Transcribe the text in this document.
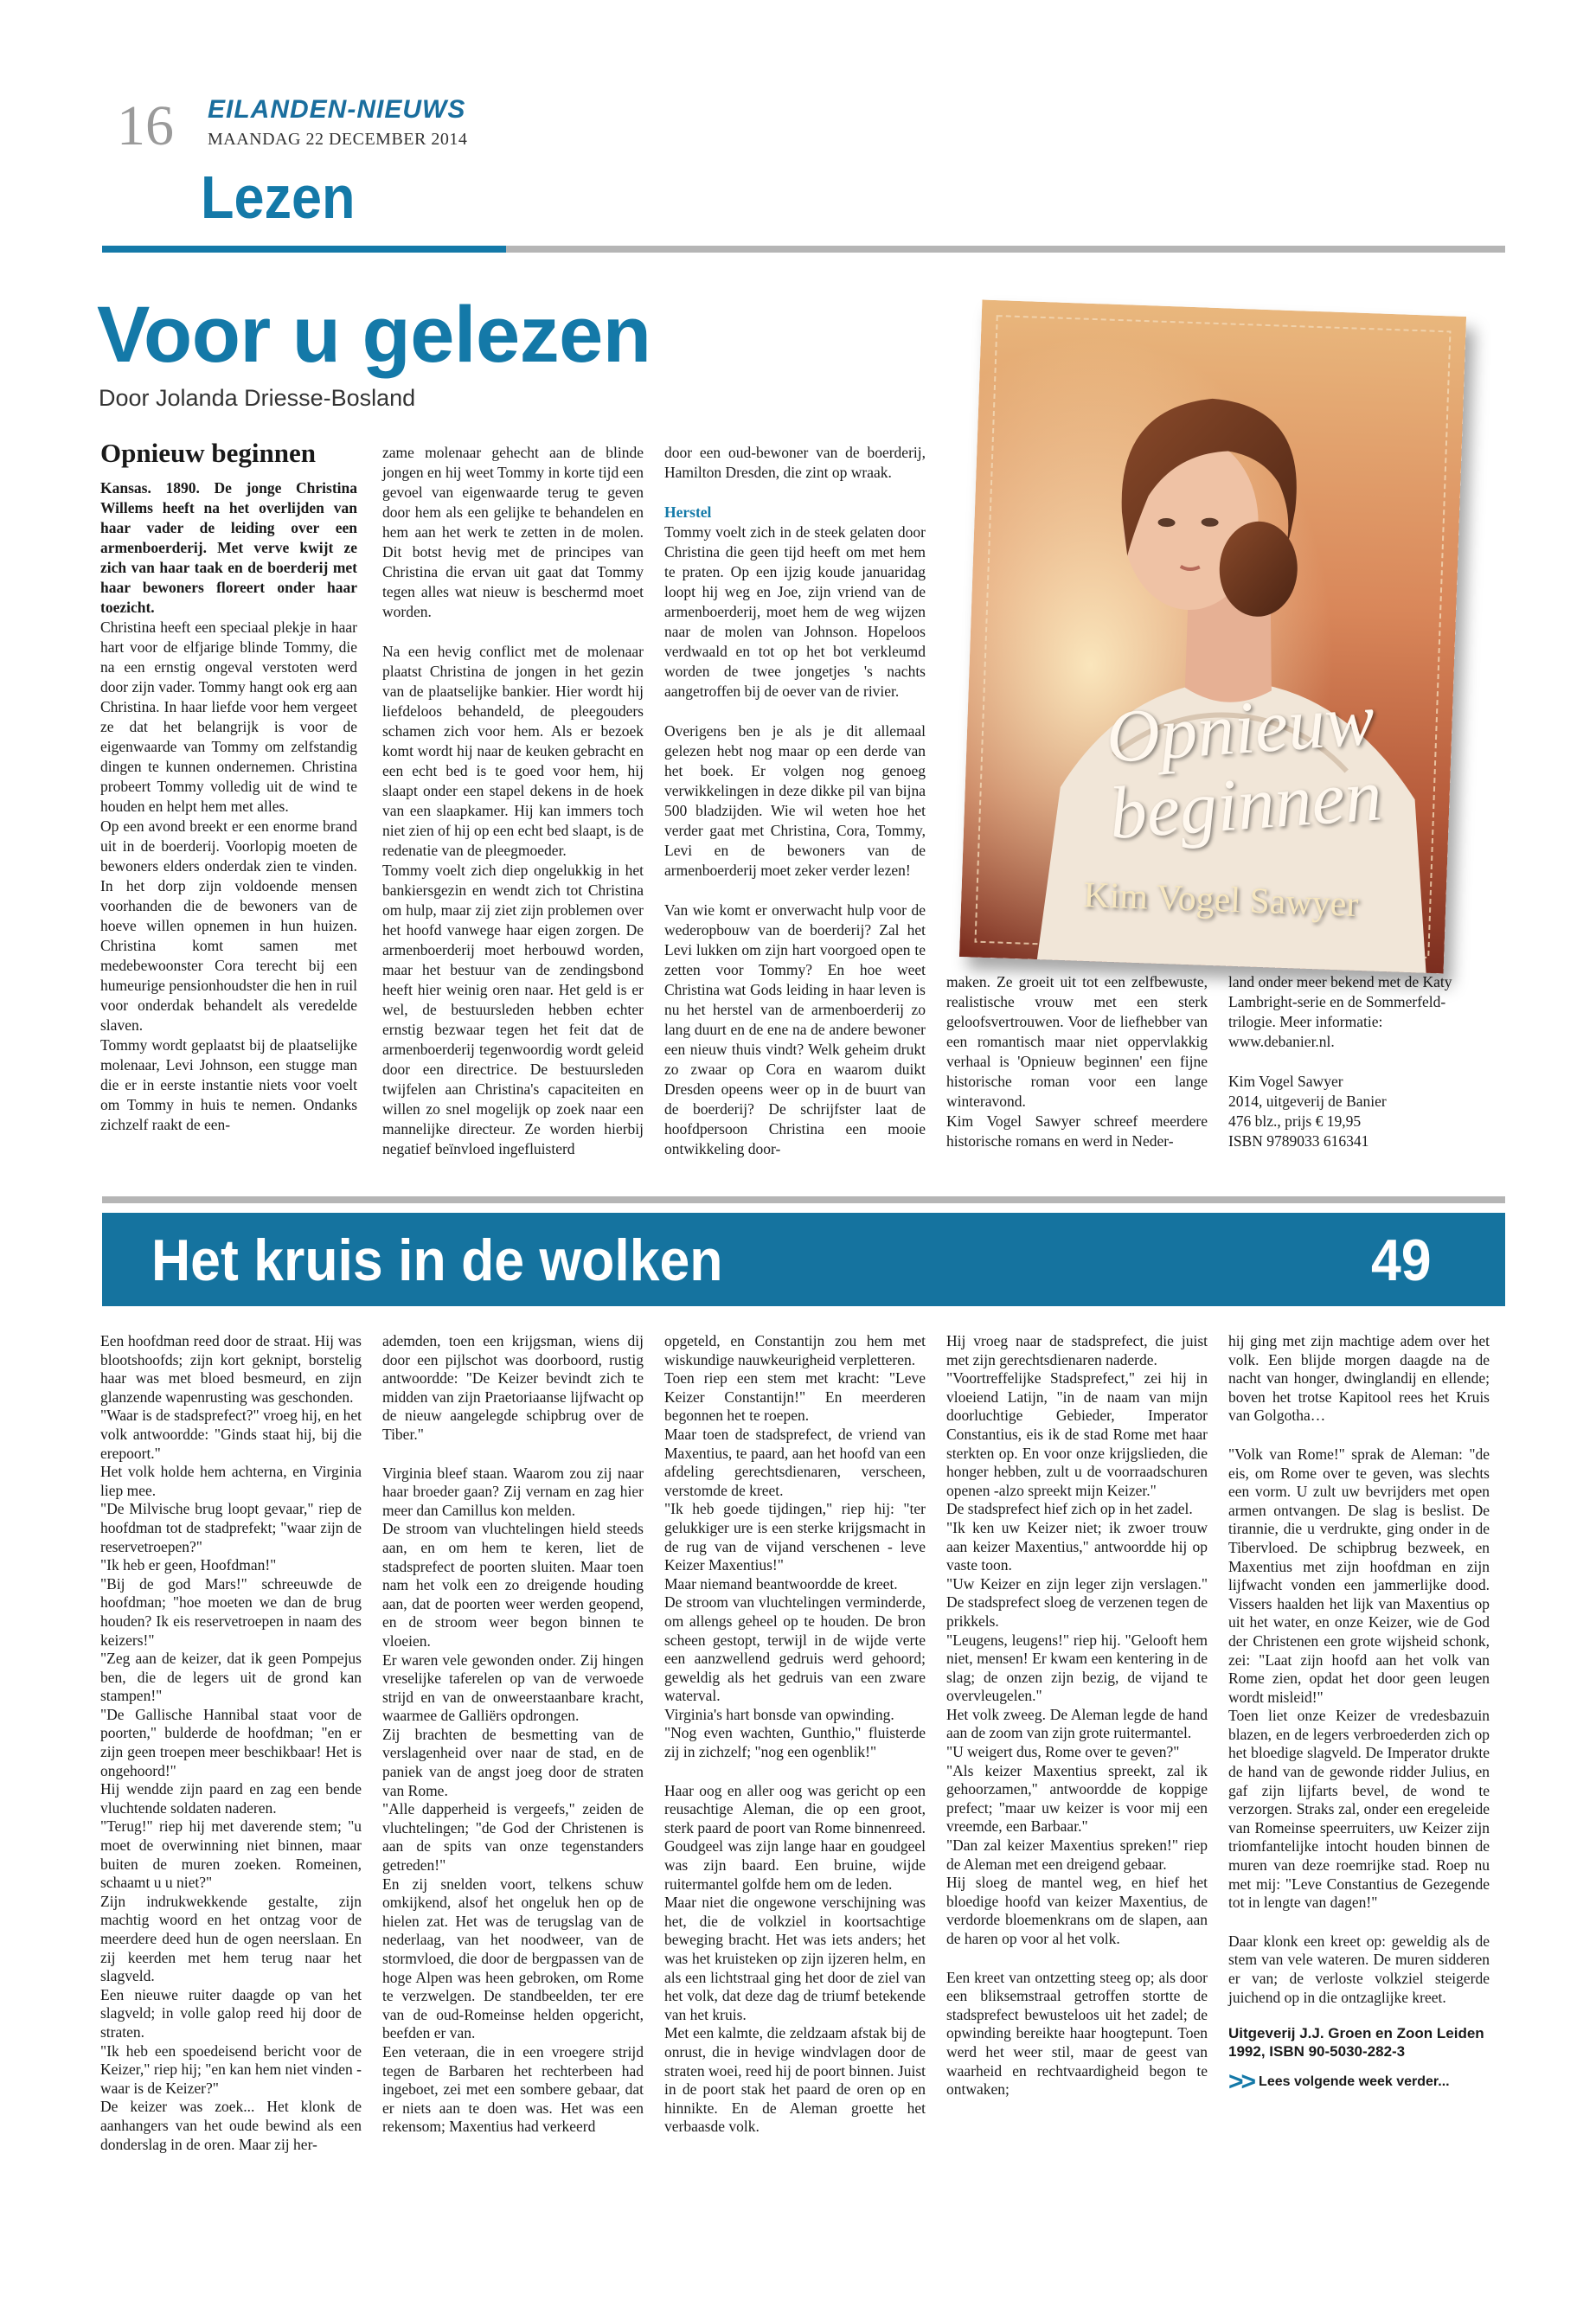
16 EILANDEN-NIEUWS
MAANDAG 22 DECEMBER 2014
Lezen
Voor u gelezen
Door Jolanda Driesse-Bosland
Opnieuw beginnen

Kansas. 1890. De jonge Christina Willems heeft na het overlijden van haar vader de leiding over een armenboerderij. Met verve kwijt ze zich van haar taak en de boerderij met haar bewoners floreert onder haar toezicht.

Christina heeft een speciaal plekje in haar hart voor de elfjarige blinde Tommy, die na een ernstig ongeval verstoten werd door zijn vader. Tommy hangt ook erg aan Christina. In haar liefde voor hem vergeet ze dat het belangrijk is voor de eigenwaarde van Tommy om zelfstandig dingen te kunnen ondernemen. Christina probeert Tommy volledig uit de wind te houden en helpt hem met alles.

Op een avond breekt er een enorme brand uit in de boerderij. Voorlopig moeten de bewoners elders onderdak zien te vinden. In het dorp zijn voldoende mensen voorhanden die de bewoners van de hoeve willen opnemen in hun huizen. Christina komt samen met medebewoonster Cora terecht bij een humeurige pensionhoudster die hen in ruil voor onderdak behandelt als veredelde slaven.

Tommy wordt geplaatst bij de plaatselijke molenaar, Levi Johnson, een stugge man die er in eerste instantie niets voor voelt om Tommy in huis te nemen. Ondanks zichzelf raakt de een-

zame molenaar gehecht aan de blinde jongen en hij weet Tommy in korte tijd een gevoel van eigenwaarde terug te geven door hem als een gelijke te behandelen en hem aan het werk te zetten in de molen. Dit botst hevig met de principes van Christina die ervan uit gaat dat Tommy tegen alles wat nieuw is beschermd moet worden.

Na een hevig conflict met de molenaar plaatst Christina de jongen in het gezin van de plaatselijke bankier. Hier wordt hij liefdeloos behandeld, de pleegouders schamen zich voor hem. Als er bezoek komt wordt hij naar de keuken gebracht en een echt bed is te goed voor hem, hij slaapt onder een stapel dekens in de hoek van een slaapkamer. Hij kan immers toch niet zien of hij op een echt bed slaapt, is de redenatie van de pleegmoeder.

Tommy voelt zich diep ongelukkig in het bankiersgezin en wendt zich tot Christina om hulp, maar zij ziet zijn problemen over het hoofd vanwege haar eigen zorgen. De armenboerderij moet herbouwd worden, maar het bestuur van de zendingsbond heeft hier weinig oren naar. Het geld is er wel, de bestuursleden hebben echter ernstig bezwaar tegen het feit dat de armenboerderij tegenwoordig wordt geleid door een directrice. De bestuursleden twijfelen aan Christina's capaciteiten en willen zo snel mogelijk op zoek naar een mannelijke directeur. Ze worden hierbij negatief beïnvloed ingefluisterd

door een oud-bewoner van de boerderij, Hamilton Dresden, die zint op wraak.

Herstel

Tommy voelt zich in de steek gelaten door Christina die geen tijd heeft om met hem te praten. Op een ijzig koude januaridag loopt hij weg en Joe, zijn vriend van de armenboerderij, moet hem de weg wijzen naar de molen van Johnson. Hopeloos verdwaald en tot op het bot verkleumd worden de twee jongetjes 's nachts aangetroffen bij de oever van de rivier.

Overigens ben je als je dit allemaal gelezen hebt nog maar op een derde van het boek. Er volgen nog genoeg verwikkelingen in deze dikke pil van bijna 500 bladzijden. Wie wil weten hoe het verder gaat met Christina, Cora, Tommy, Levi en de bewoners van de armenboerderij moet zeker verder lezen!

Van wie komt er onverwacht hulp voor de wederopbouw van de boerderij? Zal het Levi lukken om zijn hart voorgoed open te zetten voor Tommy? En hoe weet Christina wat Gods leiding in haar leven is nu het herstel van de armenboerderij zo lang duurt en de ene na de andere bewoner een nieuw thuis vindt? Welk geheim drukt zo zwaar op Cora en waarom duikt Dresden opeens weer op in de buurt van de boerderij? De schrijfster laat de hoofdpersoon Christina een mooie ontwikkeling door-

maken. Ze groeit uit tot een zelfbewuste, realistische vrouw met een sterk geloofsvertrouwen. Voor de liefhebber van een romantisch maar niet oppervlakkig verhaal is 'Opnieuw beginnen' een fijne historische roman voor een lange winteravond.

Kim Vogel Sawyer schreef meerdere historische romans en werd in Neder-

land onder meer bekend met de Katy Lambright-serie en de Sommerfeld-trilogie. Meer informatie: www.debanier.nl.

Kim Vogel Sawyer

2014, uitgeverij de Banier

476 blz., prijs € 19,95

ISBN 9789033 616341

Opnieuw
beginnen
Kim Vogel Sawyer
Het kruis in de wolken	49

Een hoofdman reed door de straat. Hij was blootshoofds; zijn kort geknipt, borstelig haar was met bloed besmeurd, en zijn glanzende wapenrusting was geschonden.

"Waar is de stadsprefect?" vroeg hij, en het volk antwoordde: "Ginds staat hij, bij die erepoort."

Het volk holde hem achterna, en Virginia liep mee.

"De Milvische brug loopt gevaar," riep de hoofdman tot de stadprefekt; "waar zijn de reservetroepen?"

"Ik heb er geen, Hoofdman!"

"Bij de god Mars!" schreeuwde de hoofdman; "hoe moeten we dan de brug houden? Ik eis reservetroepen in naam des keizers!"

"Zeg aan de keizer, dat ik geen Pompejus ben, die de legers uit de grond kan stampen!"

"De Gallische Hannibal staat voor de poorten," bulderde de hoofdman; "en er zijn geen troepen meer beschikbaar! Het is ongehoord!"

Hij wendde zijn paard en zag een bende vluchtende soldaten naderen.

"Terug!" riep hij met daverende stem; "u moet de overwinning niet binnen, maar buiten de muren zoeken. Romeinen, schaamt u u niet?"

Zijn indrukwekkende gestalte, zijn machtig woord en het ontzag voor de meerdere deed hun de ogen neerslaan. En zij keerden met hem terug naar het slagveld.

Een nieuwe ruiter daagde op van het slagveld; in volle galop reed hij door de straten.

"Ik heb een spoedeisend bericht voor de Keizer," riep hij; "en kan hem niet vinden - waar is de Keizer?"

De keizer was zoek... Het klonk de aanhangers van het oude bewind als een donderslag in de oren. Maar zij her-

ademden, toen een krijgsman, wiens dij door een pijlschot was doorboord, rustig antwoordde: "De Keizer bevindt zich te midden van zijn Praetoriaanse lijfwacht op de nieuw aangelegde schipbrug over de Tiber."

Virginia bleef staan. Waarom zou zij naar haar broeder gaan? Zij vernam en zag hier meer dan Camillus kon melden.

De stroom van vluchtelingen hield steeds aan, en om hem te keren, liet de stadsprefect de poorten sluiten. Maar toen nam het volk een zo dreigende houding aan, dat de poorten weer werden geopend, en de stroom weer begon binnen te vloeien.

Er waren vele gewonden onder. Zij hingen vreselijke taferelen op van de verwoede strijd en van de onweerstaanbare kracht, waarmee de Galliërs opdrongen.

Zij brachten de besmetting van de verslagenheid over naar de stad, en de paniek van de angst joeg door de straten van Rome.

"Alle dapperheid is vergeefs," zeiden de vluchtelingen; "de God der Christenen is aan de spits van onze tegenstanders getreden!"

En zij snelden voort, telkens schuw omkijkend, alsof het ongeluk hen op de hielen zat. Het was de terugslag van de nederlaag, van het noodweer, van de stormvloed, die door de bergpassen van de hoge Alpen was heen gebroken, om Rome te verzwelgen. De standbeelden, ter ere van de oud-Romeinse helden opgericht, beefden er van.

Een veteraan, die in een vroegere strijd tegen de Barbaren het rechterbeen had ingeboet, zei met een sombere gebaar, dat er niets aan te doen was. Het was een rekensom; Maxentius had verkeerd

opgeteld, en Constantijn zou hem met wiskundige nauwkeurigheid verpletteren.

Toen riep een stem met kracht: "Leve Keizer Constantijn!" En meerderen begonnen het te roepen.

Maar toen de stadsprefect, de vriend van Maxentius, te paard, aan het hoofd van een afdeling gerechtsdienaren, verscheen, verstomde de kreet.

"Ik heb goede tijdingen," riep hij: "ter gelukkiger ure is een sterke krijgsmacht in de rug van de vijand verschenen - leve Keizer Maxentius!"

Maar niemand beantwoordde de kreet.

De stroom van vluchtelingen verminderde, om allengs geheel op te houden. De bron scheen gestopt, terwijl in de wijde verte een aanzwellend gedruis werd gehoord; geweldig als het gedruis van een zware waterval.

Virginia's hart bonsde van opwinding.

"Nog even wachten, Gunthio," fluisterde zij in zichzelf; "nog een ogenblik!"

Haar oog en aller oog was gericht op een reusachtige Aleman, die op een groot, sterk paard de poort van Rome binnenreed. Goudgeel was zijn lange haar en goudgeel was zijn baard. Een bruine, wijde ruitermantel golfde hem om de leden.

Maar niet die ongewone verschijning was het, die de volkziel in koortsachtige beweging bracht. Het was iets anders; het was het kruisteken op zijn ijzeren helm, en als een lichtstraal ging het door de ziel van het volk, dat deze dag de triumf betekende van het kruis.

Met een kalmte, die zeldzaam afstak bij de onrust, die in hevige windvlagen door de straten woei, reed hij de poort binnen. Juist in de poort stak het paard de oren op en hinnikte. En de Aleman groette het verbaasde volk.

Hij vroeg naar de stadsprefect, die juist met zijn gerechtsdienaren naderde.

"Voortreffelijke Stadsprefect," zei hij in vloeiend Latijn, "in de naam van mijn doorluchtige Gebieder, Imperator Constantius, eis ik de stad Rome met haar sterkten op. En voor onze krijgslieden, die honger hebben, zult u de voorraadschuren openen -alzo spreekt mijn Keizer."

De stadsprefect hief zich op in het zadel.

"Ik ken uw Keizer niet; ik zwoer trouw aan keizer Maxentius," antwoordde hij op vaste toon.

"Uw Keizer en zijn leger zijn verslagen." De stadsprefect sloeg de verzenen tegen de prikkels.

"Leugens, leugens!" riep hij. "Gelooft hem niet, mensen! Er kwam een kentering in de slag; de onzen zijn bezig, de vijand te overvleugelen."

Het volk zweeg. De Aleman legde de hand aan de zoom van zijn grote ruitermantel.

"U weigert dus, Rome over te geven?"

"Als keizer Maxentius spreekt, zal ik gehoorzamen," antwoordde de koppige prefect; "maar uw keizer is voor mij een vreemde, een Barbaar."

"Dan zal keizer Maxentius spreken!" riep de Aleman met een dreigend gebaar.

Hij sloeg de mantel weg, en hief het bloedige hoofd van keizer Maxentius, de verdorde bloemenkrans om de slapen, aan de haren op voor al het volk.

Een kreet van ontzetting steeg op; als door een bliksemstraal getroffen stortte de stadsprefect bewusteloos uit het zadel; de opwinding bereikte haar hoogtepunt. Toen werd het weer stil, maar de geest van waarheid en rechtvaardigheid begon te ontwaken;

hij ging met zijn machtige adem over het volk. Een blijde morgen daagde na de nacht van honger, dwinglandij en ellende; boven het trotse Kapitool rees het Kruis van Golgotha…

"Volk van Rome!" sprak de Aleman: "de eis, om Rome over te geven, was slechts een vorm. U zult uw bevrijders met open armen ontvangen. De slag is beslist. De tirannie, die u verdrukte, ging onder in de Tibervloed. De schipbrug bezweek, en Maxentius met zijn hoofdman en zijn lijfwacht vonden een jammerlijke dood. Vissers haalden het lijk van Maxentius op uit het water, en onze Keizer, wie de God der Christenen een grote wijsheid schonk, zei: "Laat zijn hoofd aan het volk van Rome zien, opdat het door geen leugen wordt misleid!"

Toen liet onze Keizer de vredesbazuin blazen, en de legers verbroederden zich op het bloedige slagveld. De Imperator drukte de hand van de gewonde ridder Julius, en gaf zijn lijfarts bevel, de wond te verzorgen. Straks zal, onder een eregeleide van Romeinse speerruiters, uw Keizer zijn triomfantelijke intocht houden binnen de muren van deze roemrijke stad. Roep nu met mij: "Leve Constantius de Gezegende tot in lengte van dagen!"

Daar klonk een kreet op: geweldig als de stem van vele wateren. De muren sidderen er van; de verloste volkziel steigerde juichend op in die ontzaglijke kreet.

Uitgeverij J.J. Groen en Zoon Leiden 1992, ISBN 90-5030-282-3
>> Lees volgende week verder...
